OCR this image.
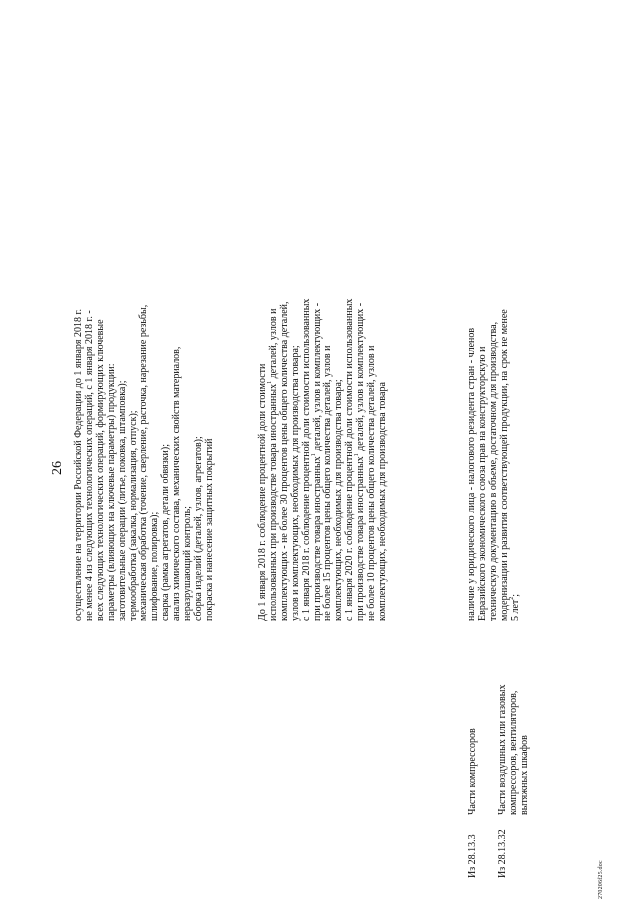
26 осуществление на территории Российской Федерации до 1 января 2018 г. не менее 4 из следующих технологических операций, с 1 января 2018 г. - всех следующих технологических операций, формирующих ключевые параметры (влияющих на ключевые параметры) продукции: заготовительные операции (литье, поковка, штамповка); термообработка (закалка, нормализация, отпуск); механическая обработка (точение, сверление, расточка, нарезание резьбы, шлифование, полировка); сварка (рамка агрегатов, детали обвязки); анализ химического состава, механических свойств материалов, неразрушающий контроль; сборка изделий (деталей, узлов, агрегатов); покраска и нанесение защитных покрытий	До 1 января 2018 г. соблюдение процентной доли стоимости использованных при производстве товара иностранных$^1$ деталей, узлов и комплектующих - не более 30 процентов цены общего количества деталей, узлов и комплектующих, необходимых для производства товара; с 1 января 2018 г. соблюдение процентной доли стоимости использованных при производстве товара иностранных$^1$ деталей, узлов и комплектующих - не более 15 процентов цены общего количества деталей, узлов и комплектующих, необходимых для производства товара; с 1 января 2020 г. соблюдение процентной доли стоимости использованных при производстве товара иностранных$^1$ деталей, узлов и комплектующих - не более 10 процентов цены общего количества деталей, узлов и комплектующих, необходимых для производства товара
Из 28.13.3
Части компрессоров
Из 28.13.32
Части воздушных или газовых компрессоров, вентиляторов, вытяжных шкафов
наличие у юридического лица - налогового резидента стран - членов Евразийского экономического союза прав на конструкторскую и техническую документацию в объеме, достаточном для производства, модернизации и развития соответствующей продукции, на срок не менее 5 лет$^2$;
270206f25.doc
